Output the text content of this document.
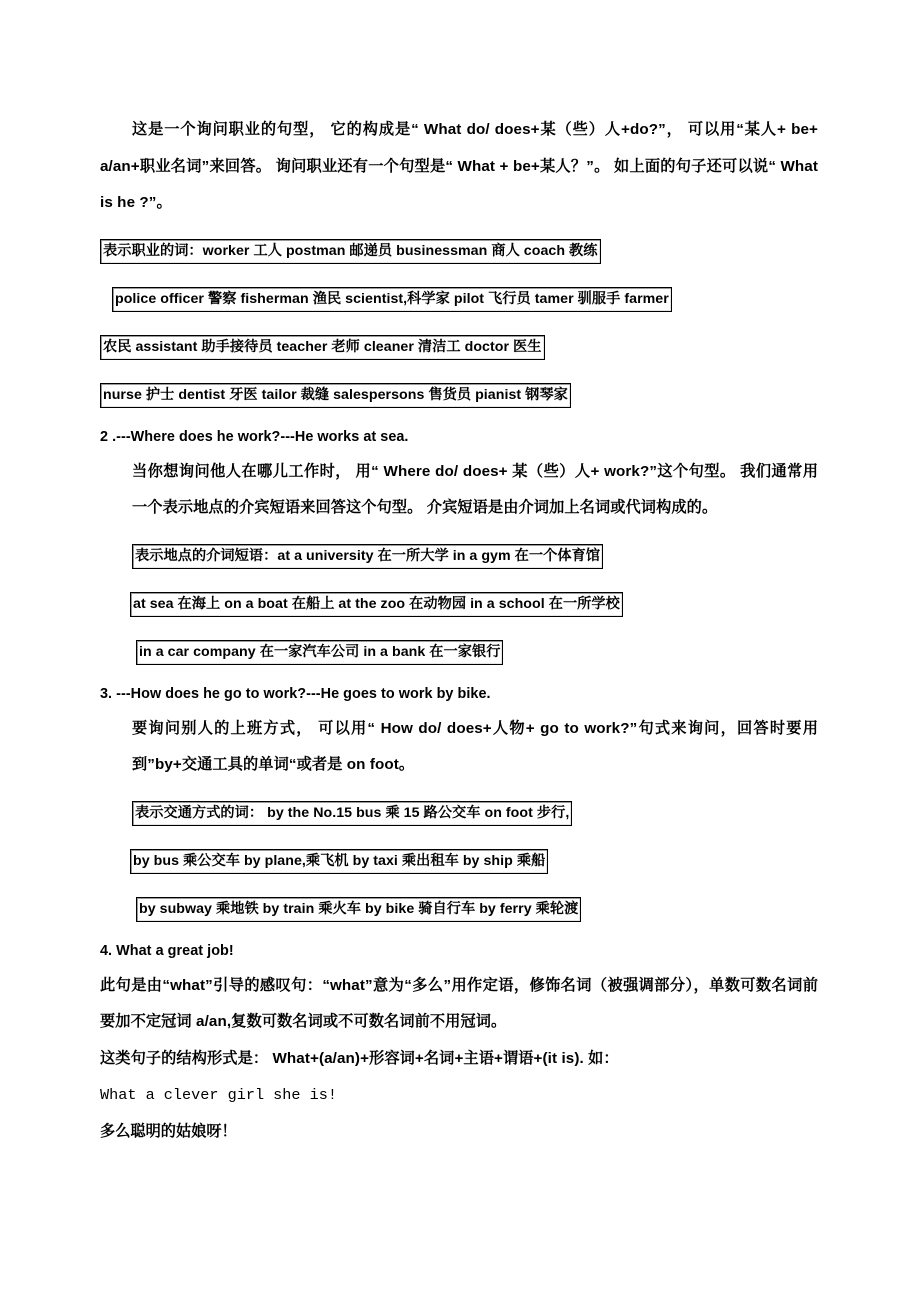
这是一个询问职业的句型， 它的构成是“ What do/ does+某（些）人+do?”， 可以用“某人+ be+ a/an+职业名词”来回答。 询问职业还有一个句型是“ What + be+某人？”。 如上面的句子还可以说“ What is he ?”。

表示职业的词：worker 工人 postman 邮递员 businessman 商人 coach 教练
police officer 警察 fisherman 渔民 scientist,科学家 pilot 飞行员 tamer 驯服手 farmer
农民 assistant 助手接待员 teacher 老师 cleaner 清洁工 doctor 医生
nurse 护士 dentist 牙医 tailor 裁缝 salespersons 售货员 pianist 钢琴家

2 .---Where does he work?---He works at sea.

当你想询问他人在哪儿工作时， 用“ Where do/ does+ 某（些）人+ work?”这个句型。 我们通常用一个表示地点的介宾短语来回答这个句型。 介宾短语是由介词加上名词或代词构成的。

表示地点的介词短语：at a university 在一所大学 in a gym 在一个体育馆
at sea 在海上 on a boat 在船上 at the zoo 在动物园 in a school 在一所学校
in a car company 在一家汽车公司 in a bank 在一家银行

3. ---How does he go to work?---He goes to work by bike.

要询问别人的上班方式， 可以用“ How do/ does+人物+ go to work?”句式来询问，回答时要用到”by+交通工具的单词“或者是 on foot。

表示交通方式的词： by the No.15 bus 乘 15 路公交车 on foot 步行,
by bus 乘公交车 by plane,乘飞机 by taxi 乘出租车 by ship 乘船
by subway 乘地铁 by train 乘火车 by bike 骑自行车 by ferry 乘轮渡

4. What a great job!

此句是由“what”引导的感叹句：“what”意为“多么”用作定语，修饰名词（被强调部分），单数可数名词前要加不定冠词 a/an,复数可数名词或不可数名词前不用冠词。

这类句子的结构形式是： What+(a/an)+形容词+名词+主语+谓语+(it is). 如：

What a clever girl she is!

多么聪明的姑娘呀！
